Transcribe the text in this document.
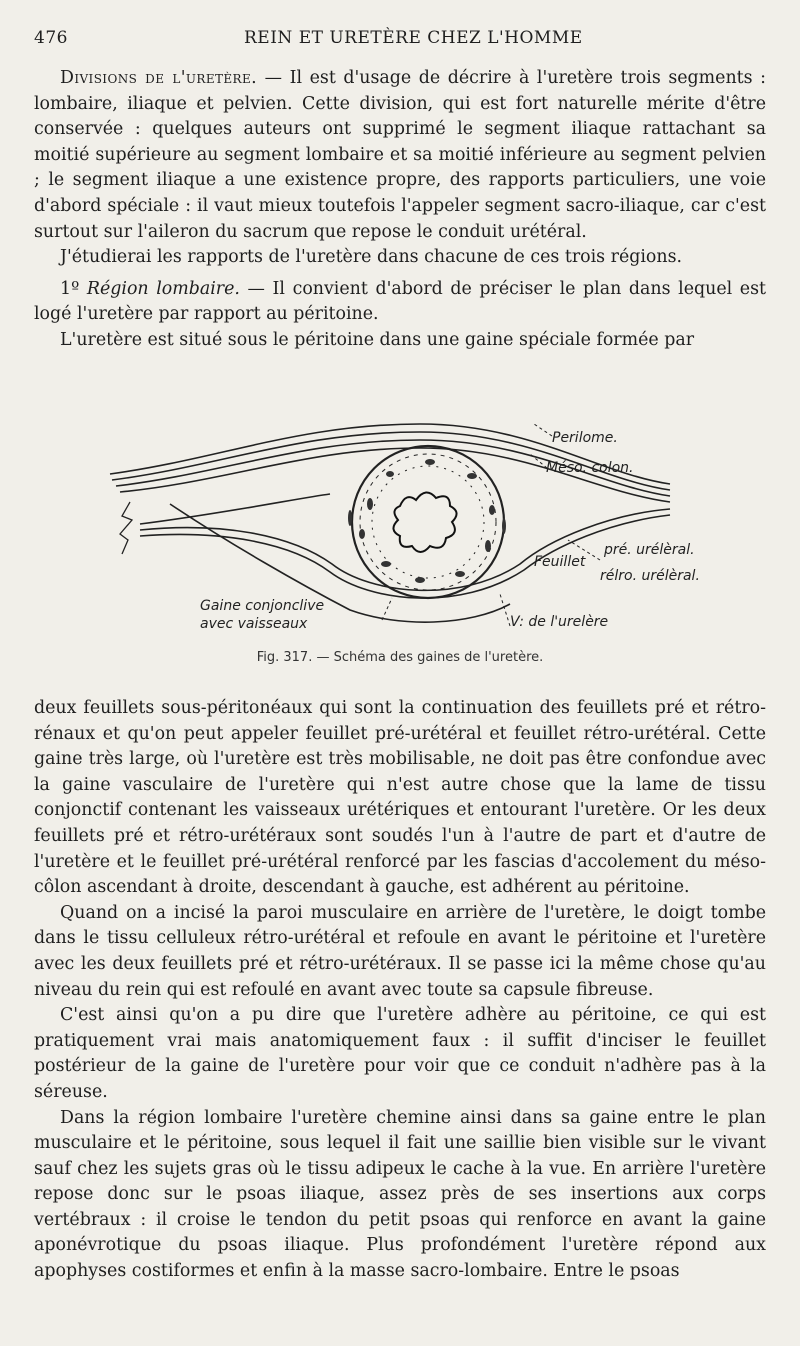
476	REIN ET URETÈRE CHEZ L'HOMME

Divisions de l'uretère. — Il est d'usage de décrire à l'uretère trois segments : lombaire, iliaque et pelvien. Cette division, qui est fort naturelle mérite d'être conservée : quelques auteurs ont supprimé le segment iliaque rattachant sa moitié supérieure au segment lombaire et sa moitié inférieure au segment pelvien ; le segment iliaque a une existence propre, des rapports particuliers, une voie d'abord spéciale : il vaut mieux toutefois l'appeler segment sacro-iliaque, car c'est surtout sur l'aileron du sacrum que repose le conduit urétéral.

J'étudierai les rapports de l'uretère dans chacune de ces trois régions.

1º Région lombaire. — Il convient d'abord de préciser le plan dans lequel est logé l'uretère par rapport au péritoine.

L'uretère est situé sous le péritoine dans une gaine spéciale formée par

Perilome.
Méso. colon.
Feuillet
pré. urélèral.
rélro. urélèral.
Gaine conjonclive
avec vaisseaux	V: de l'urelère
Fig. 317. — Schéma des gaines de l'uretère.

deux feuillets sous-péritonéaux qui sont la continuation des feuillets pré et rétro-rénaux et qu'on peut appeler feuillet pré-urétéral et feuillet rétro-urétéral. Cette gaine très large, où l'uretère est très mobilisable, ne doit pas être confondue avec la gaine vasculaire de l'uretère qui n'est autre chose que la lame de tissu conjonctif contenant les vaisseaux urétériques et entourant l'uretère. Or les deux feuillets pré et rétro-urétéraux sont soudés l'un à l'autre de part et d'autre de l'uretère et le feuillet pré-urétéral renforcé par les fascias d'accolement du méso-côlon ascendant à droite, descendant à gauche, est adhérent au péritoine.

Quand on a incisé la paroi musculaire en arrière de l'uretère, le doigt tombe dans le tissu celluleux rétro-urétéral et refoule en avant le péritoine et l'uretère avec les deux feuillets pré et rétro-urétéraux. Il se passe ici la même chose qu'au niveau du rein qui est refoulé en avant avec toute sa capsule fibreuse.

C'est ainsi qu'on a pu dire que l'uretère adhère au péritoine, ce qui est pratiquement vrai mais anatomiquement faux : il suffit d'inciser le feuillet postérieur de la gaine de l'uretère pour voir que ce conduit n'adhère pas à la séreuse.

Dans la région lombaire l'uretère chemine ainsi dans sa gaine entre le plan musculaire et le péritoine, sous lequel il fait une saillie bien visible sur le vivant sauf chez les sujets gras où le tissu adipeux le cache à la vue. En arrière l'uretère repose donc sur le psoas iliaque, assez près de ses insertions aux corps vertébraux : il croise le tendon du petit psoas qui renforce en avant la gaine aponévrotique du psoas iliaque. Plus profondément l'uretère répond aux apophyses costiformes et enfin à la masse sacro-lombaire. Entre le psoas
